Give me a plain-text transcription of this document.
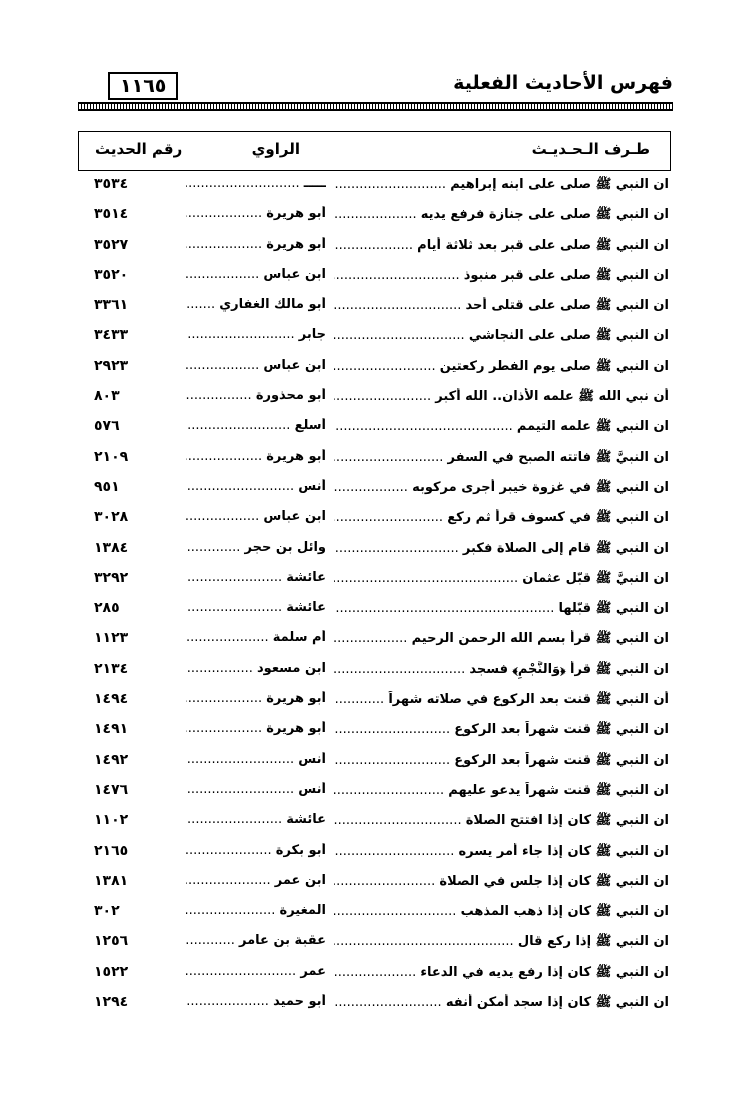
فهرس الأحاديث الفعلية
١١٦٥
طـرف الـحـديـث
الراوي
رقم الحديث
ان النبي ﷺ صلى على ابنه إبراهيم .....
ـــــ .....
٣٥٣٤
ان النبي ﷺ صلى على جنازة فرفع يديه .....
أبو هريرة .....
٣٥١٤
ان النبي ﷺ صلى على قبر بعد ثلاثة أيام .....
أبو هريرة .....
٣٥٢٧
ان النبي ﷺ صلى على قبر منبوذ .....
ابن عباس .....
٣٥٢٠
ان النبي ﷺ صلى على قتلى أحد .....
أبو مالك الغفاري .....
٣٣٦١
ان النبي ﷺ صلى على النجاشي .....
جابر .....
٣٤٣٣
ان النبي ﷺ صلى يوم الفطر ركعتين .....
ابن عباس .....
٢٩٢٣
أن نبي الله ﷺ علمه الأذان.. الله أكبر .....
أبو محذورة .....
٨٠٣
ان النبي ﷺ علمه التيمم .....
أسلع .....
٥٧٦
ان النبيَّ ﷺ فاتته الصبح في السفر .....
أبو هريرة .....
٢١٠٩
ان النبي ﷺ في غزوة خيبر أجرى مركوبه .....
أنس .....
٩٥١
ان النبي ﷺ في كسوف قرأ ثم ركع .....
ابن عباس .....
٣٠٢٨
ان النبي ﷺ قام إلى الصلاة فكبر .....
وائل بن حجر .....
١٣٨٤
ان النبيَّ ﷺ قبّل عثمان .....
عائشة .....
٣٢٩٢
ان النبي ﷺ قبّلها .....
عائشة .....
٢٨٥
ان النبي ﷺ قرأ بسم الله الرحمن الرحيم .....
أم سلمة .....
١١٢٣
ان النبي ﷺ قرأ ﴿وَالنَّجْمِ﴾ فسجد .....
ابن مسعود .....
٢١٣٤
أن النبي ﷺ قنت بعد الركوع في صلاته شهراً .....
أبو هريرة .....
١٤٩٤
ان النبي ﷺ قنت شهراً بعد الركوع .....
أبو هريرة .....
١٤٩١
ان النبي ﷺ قنت شهراً بعد الركوع .....
أنس .....
١٤٩٢
ان النبي ﷺ قنت شهراً يدعو عليهم .....
أنس .....
١٤٧٦
ان النبي ﷺ كان إذا افتتح الصلاة .....
عائشة .....
١١٠٢
ان النبي ﷺ كان إذا جاء أمر يسره .....
أبو بكرة .....
٢١٦٥
ان النبي ﷺ كان إذا جلس في الصلاة .....
ابن عمر .....
١٣٨١
ان النبي ﷺ كان إذا ذهب المذهب .....
المغيرة .....
٣٠٢
ان النبي ﷺ إذا ركع قال .....
عقبة بن عامر .....
١٢٥٦
ان النبي ﷺ كان إذا رفع يديه في الدعاء .....
عمر .....
١٥٢٢
ان النبي ﷺ كان إذا سجد أمكن أنفه .....
أبو حميد .....
١٢٩٤
